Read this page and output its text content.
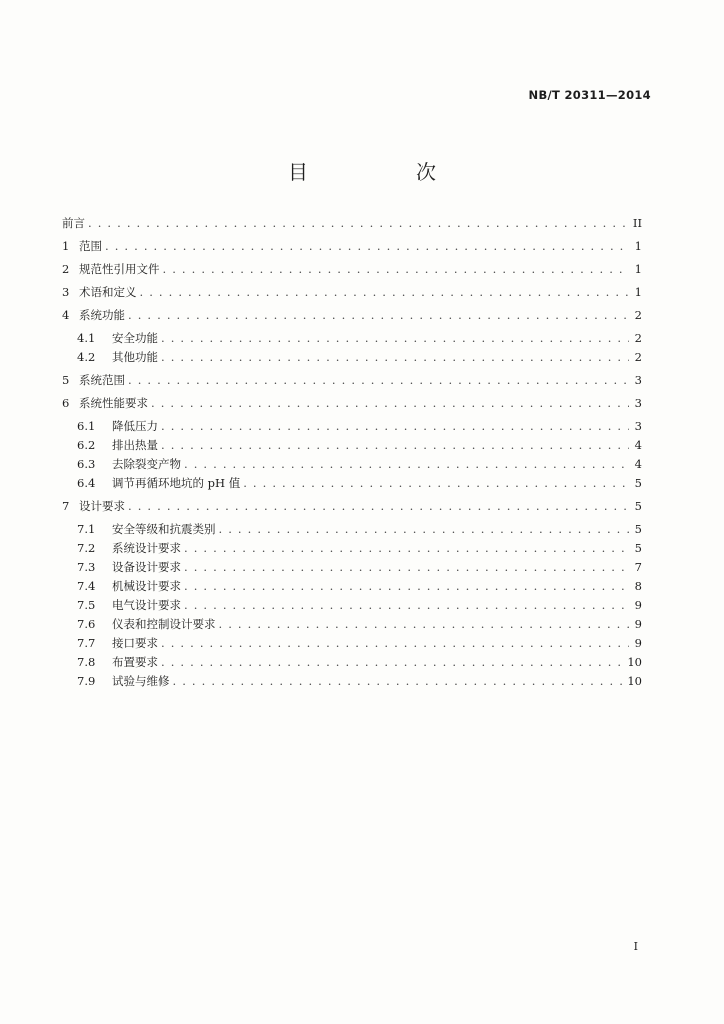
NB/T 20311—2014
目　次
前言 . . .	II
1 范围 . . .	1
2 规范性引用文件 . . .	1
3 术语和定义 . . .	1
4 系统功能 . . .	2
4.1	安全功能 . . .	2
4.2	其他功能 . . .	2
5 系统范围 . . .	3
6 系统性能要求 . . .	3
6.1	降低压力 . . .	3
6.2	排出热量 . . .	4
6.3	去除裂变产物 . . .	4
6.4	调节再循环地坑的 pH 值 . . .	5
7 设计要求 . . .	5
7.1	安全等级和抗震类别 . . .	5
7.2	系统设计要求 . . .	5
7.3	设备设计要求 . . .	7
7.4	机械设计要求 . . .	8
7.5	电气设计要求 . . .	9
7.6	仪表和控制设计要求 . . .	9
7.7	接口要求 . . .	9
7.8	布置要求 . . .	10
7.9	试验与维修 . . .	10
I
